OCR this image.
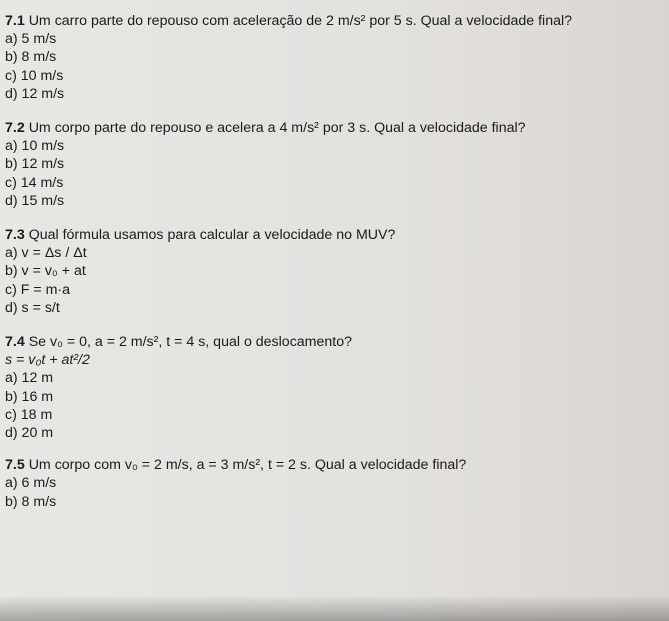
7.1 Um carro parte do repouso com aceleração de 2 m/s² por 5 s. Qual a velocidade final?

a) 5 m/s

b) 8 m/s

c) 10 m/s

d) 12 m/s

7.2 Um corpo parte do repouso e acelera a 4 m/s² por 3 s. Qual a velocidade final?

a) 10 m/s

b) 12 m/s

c) 14 m/s

d) 15 m/s

7.3 Qual fórmula usamos para calcular a velocidade no MUV?

a) v = Δs / Δt

b) v = v₀ + at

c) F = m·a

d) s = s/t

7.4 Se v₀ = 0, a = 2 m/s², t = 4 s, qual o deslocamento?

s = v₀t + at²/2

a) 12 m

b) 16 m

c) 18 m

d) 20 m

7.5 Um corpo com v₀ = 2 m/s, a = 3 m/s², t = 2 s. Qual a velocidade final?

a) 6 m/s

b) 8 m/s
